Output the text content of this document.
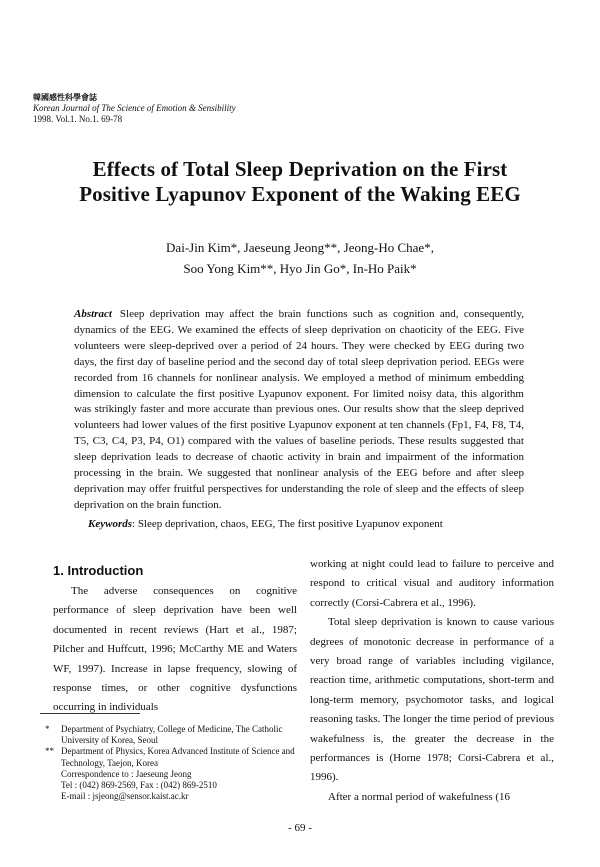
韓國感性科學會誌
Korean Journal of The Science of Emotion & Sensibility
1998. Vol.1. No.1. 69-78
Effects of Total Sleep Deprivation on the First
Positive Lyapunov Exponent of the Waking EEG
Dai-Jin Kim*, Jaeseung Jeong**, Jeong-Ho Chae*,
Soo Yong Kim**, Hyo Jin Go*, In-Ho Paik*
Abstract Sleep deprivation may affect the brain functions such as cognition and, consequently, dynamics of the EEG. We examined the effects of sleep deprivation on chaoticity of the EEG. Five volunteers were sleep-deprived over a period of 24 hours. They were checked by EEG during two days, the first day of baseline period and the second day of total sleep deprivation period. EEGs were recorded from 16 channels for nonlinear analysis. We employed a method of minimum embedding dimension to calculate the first positive Lyapunov exponent. For limited noisy data, this algorithm was strikingly faster and more accurate than previous ones. Our results show that the sleep deprived volunteers had lower values of the first positive Lyapunov exponent at ten channels (Fp1, F4, F8, T4, T5, C3, C4, P3, P4, O1) compared with the values of baseline periods. These results suggested that sleep deprivation leads to decrease of chaotic activity in brain and impairment of the information processing in the brain. We suggested that nonlinear analysis of the EEG before and after sleep deprivation may offer fruitful perspectives for understanding the role of sleep and the effects of sleep deprivation on the brain function.
Keywords: Sleep deprivation, chaos, EEG, The first positive Lyapunov exponent
1. Introduction

The adverse consequences on cognitive performance of sleep deprivation have been well documented in recent reviews (Hart et al., 1987; Pilcher and Huffcutt, 1996; McCarthy ME and Waters WF, 1997). Increase in lapse frequency, slowing of response times, or other cognitive dysfunctions occurring in individuals

working at night could lead to failure to perceive and respond to critical visual and auditory information correctly (Corsi-Cabrera et al., 1996).

Total sleep deprivation is known to cause various degrees of monotonic decrease in performance of a very broad range of variables including vigilance, reaction time, arithmetic computations, short-term and long-term memory, psychomotor tasks, and logical reasoning tasks. The longer the time period of previous wakefulness is, the greater the decrease in the performances is (Horne 1978; Corsi-Cabrera et al., 1996).

After a normal period of wakefulness (16

*	Department of Psychiatry, College of Medicine, The Catholic University of Korea, Seoul
** Department of Physics, Korea Advanced Institute of Science and Technology, Taejon, Korea
Correspondence to : Jaeseung Jeong
Tel : (042) 869-2569, Fax : (042) 869-2510
E-mail : jsjeong@sensor.kaist.ac.kr
- 69 -
